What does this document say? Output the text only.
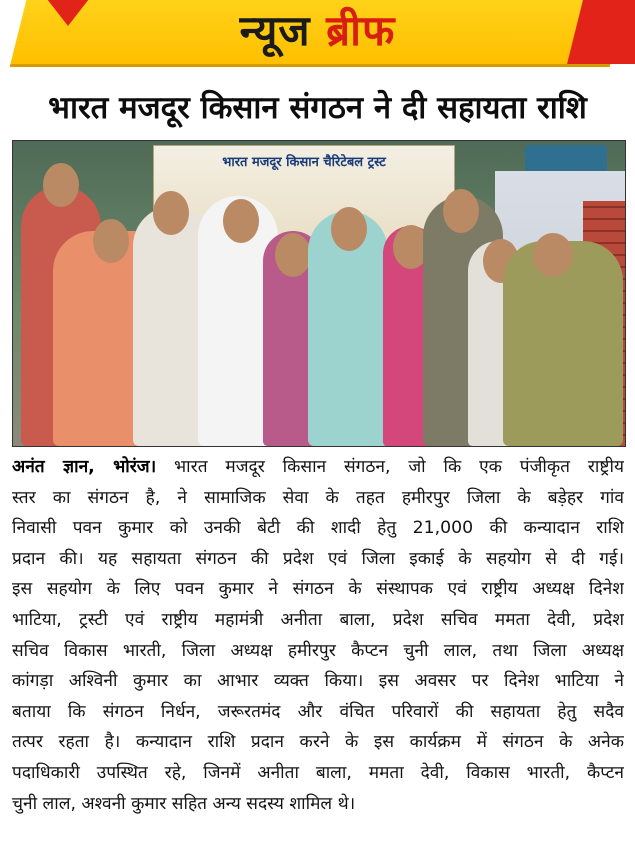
न्यूज ब्रीफ
भारत मजदूर किसान संगठन ने दी सहायता राशि
भारत मजदूर किसान चैरिटेबल ट्रस्ट
अनंत ज्ञान, भोरंज। भारत मजदूर किसान संगठन, जो कि एक पंजीकृत राष्ट्रीय
स्तर का संगठन है, ने सामाजिक सेवा के तहत हमीरपुर जिला के बड़ेहर गांव
निवासी पवन कुमार को उनकी बेटी की शादी हेतु 21,000 की कन्यादान राशि
प्रदान की। यह सहायता संगठन की प्रदेश एवं जिला इकाई के सहयोग से दी गई।
इस सहयोग के लिए पवन कुमार ने संगठन के संस्थापक एवं राष्ट्रीय अध्यक्ष दिनेश
भाटिया, ट्रस्टी एवं राष्ट्रीय महामंत्री अनीता बाला, प्रदेश सचिव ममता देवी, प्रदेश
सचिव विकास भारती, जिला अध्यक्ष हमीरपुर कैप्टन चुनी लाल, तथा जिला अध्यक्ष
कांगड़ा अश्विनी कुमार का आभार व्यक्त किया। इस अवसर पर दिनेश भाटिया ने
बताया कि संगठन निर्धन, जरूरतमंद और वंचित परिवारों की सहायता हेतु सदैव
तत्पर रहता है। कन्यादान राशि प्रदान करने के इस कार्यक्रम में संगठन के अनेक
पदाधिकारी उपस्थित रहे, जिनमें अनीता बाला, ममता देवी, विकास भारती, कैप्टन
चुनी लाल, अश्वनी कुमार सहित अन्य सदस्य शामिल थे।
